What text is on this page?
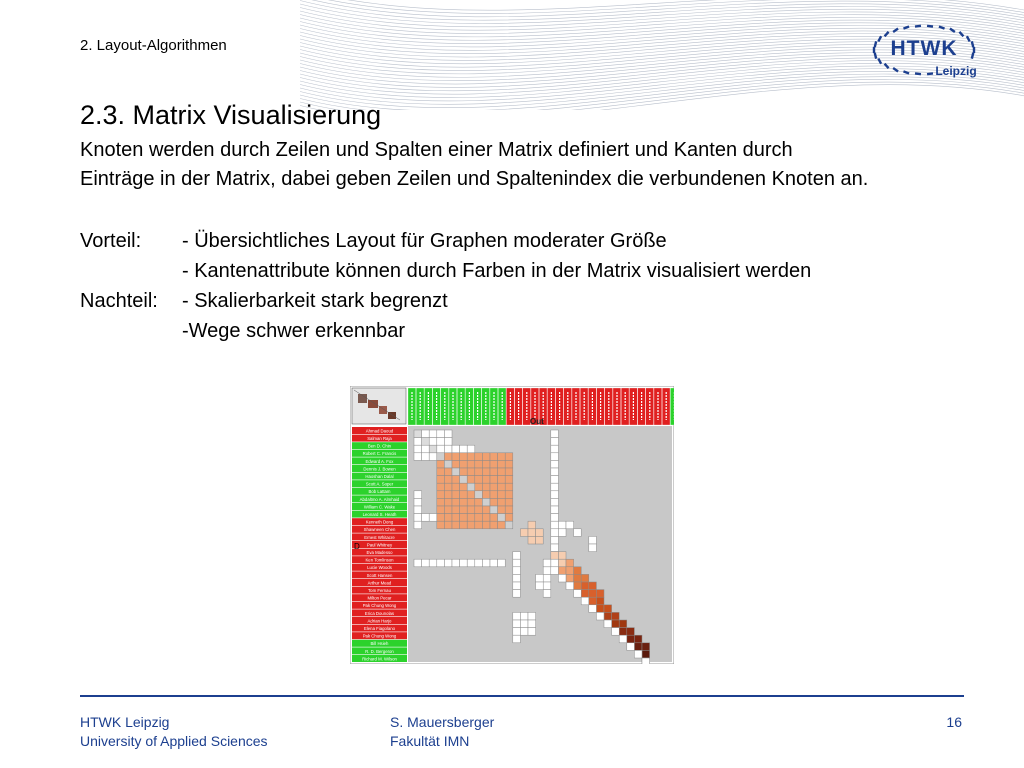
2. Layout-Algorithmen	HTWK
Leipzig
2.3. Matrix Visualisierung
Knoten werden durch Zeilen und Spalten einer Matrix definiert und Kanten durch
Einträge in der Matrix, dabei geben Zeilen und Spaltenindex die verbundenen Knoten an.
Vorteil:	- Übersichtliches Layout für Graphen moderater Größe
- Kantenattribute können durch Farben in der Matrix visualisiert werden
Nachteil:	- Skalierbarkeit stark begrenzt
-Wege schwer erkennbar
Ahmad Daoud
Salman Raja
Ben D. Chin
Robert C. Francis
Edward A. Fox
Dennis J. Bowen
Haoshan Dalal
Scott A. Soper
Bob Lattam
Abdaltmo A. Almhaid
William C. Wake
Leonard S. Heath
Kenneth Dong
Shawneen Chen
Ernest Whitacre
Paul Whitney
Eva Madesso
Ken Tomlinson
Lucie Woods
Scott Hansen
Arthur Mead
Tom Fernau
Milton Pecar
Pak Chung Wong
Erica Dounolas
Adrian Harjo
Elena Fiagolano
Pak Chung Wong
Bill Hsieh
R. D. Bergeron
Richard M. Wilson
Out
D
HTWK Leipzig
University of Applied Sciences
S. Mauersberger
Fakultät IMN
16
